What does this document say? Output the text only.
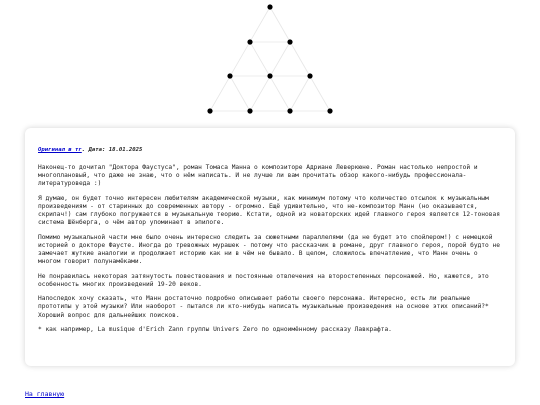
Оригинал в тг. Дата: 18.01.2025

Наконец-то дочитал "Доктора Фаустуса", роман Томаса Манна о композиторе Адриане Леверкюне. Роман настолько непростой и многоплановый, что даже не знаю, что о нём написать. И не лучше ли вам прочитать обзор какого-нибудь профессионала-литературоведа :)

Я думаю, он будет точно интересен любителям академической музыки, как минимум потому что количество отсылок к музыкальным произведениям - от старинных до современных автору - огромно. Ещё удивительно, что не-композитор Манн (но оказывается, скрипач!) сам глубоко погружается в музыкальную теорию. Кстати, одной из новаторских идей главного героя является 12-тоновая система Шёнберга, о чём автор упоминает в эпилоге.

Помимо музыкальной части мне было очень интересно следить за сюжетными параллелями (да не будет это спойлером!) с немецкой историей о докторе Фаусте. Иногда до тревожных мурашек - потому что рассказчик в романе, друг главного героя, порой будто не замечает жуткие аналогии и продолжает историю как ни в чём не бывало. В целом, сложилось впечатление, что Манн очень о многом говорит полунамёками.

Не понравилась некоторая затянутость повествования и постоянные отвлечения на второстепенных персонажей. Но, кажется, это особенность многих произведений 19-20 веков.

Напоследок хочу сказать, что Манн достаточно подробно описывает работы своего персонажа. Интересно, есть ли реальные прототипы у этой музыки? Или наоборот - пытался ли кто-нибудь написать музыкальные произведения на основе этих описаний?* Хороший вопрос для дальнейших поисков.

* как например, La musique d'Erich Zann группы Univers Zero по одноимённому рассказу Лавкрафта.

На главную
